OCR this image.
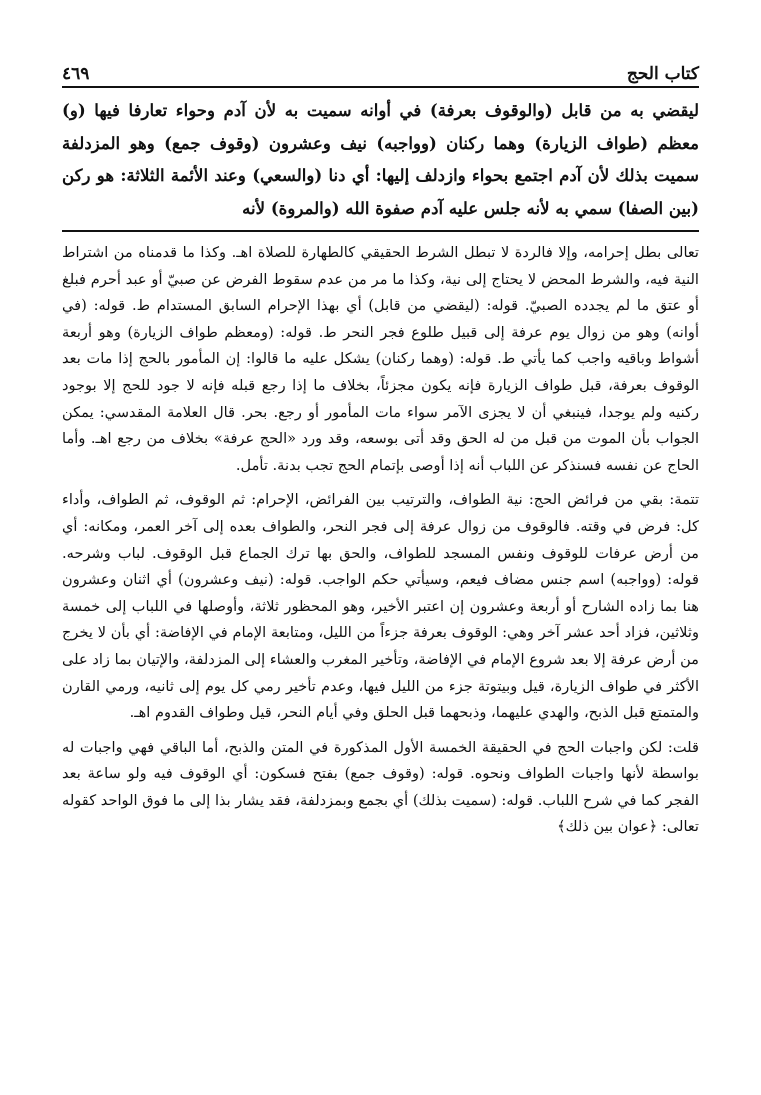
كتاب الحج
٤٦٩
ليقضي به من قابل (والوقوف بعرفة) في أوانه سميت به لأن آدم وحواء تعارفا فيها (و) معظم (طواف الزيارة) وهما ركنان (وواجبه) نيف وعشرون (وقوف جمع) وهو المزدلفة سميت بذلك لأن آدم اجتمع بحواء وازدلف إليها: أي دنا (والسعي) وعند الأئمة الثلاثة: هو ركن (بين الصفا) سمي به لأنه جلس عليه آدم صفوة الله (والمروة) لأنه

تعالى بطل إحرامه، وإلا فالردة لا تبطل الشرط الحقيقي كالطهارة للصلاة اهـ. وكذا ما قدمناه من اشتراط النية فيه، والشرط المحض لا يحتاج إلى نية، وكذا ما مر من عدم سقوط الفرض عن صبيّ أو عبد أحرم فبلغ أو عتق ما لم يجدده الصبيّ. قوله: (ليقضي من قابل) أي بهذا الإحرام السابق المستدام ط. قوله: (في أوانه) وهو من زوال يوم عرفة إلى قبيل طلوع فجر النحر ط. قوله: (ومعظم طواف الزيارة) وهو أربعة أشواط وباقيه واجب كما يأتي ط. قوله: (وهما ركنان) يشكل عليه ما قالوا: إن المأمور بالحج إذا مات بعد الوقوف بعرفة، قبل طواف الزيارة فإنه يكون مجزئاً، بخلاف ما إذا رجع قبله فإنه لا جود للحج إلا بوجود ركنيه ولم يوجدا، فينبغي أن لا يجزى الآمر سواء مات المأمور أو رجع. بحر. قال العلامة المقدسي: يمكن الجواب بأن الموت من قبل من له الحق وقد أتى بوسعه، وقد ورد «الحج عرفة» بخلاف من رجع اهـ. وأما الحاج عن نفسه فسنذكر عن اللباب أنه إذا أوصى بإتمام الحج تجب بدنة. تأمل.

تتمة: بقي من فرائض الحج: نية الطواف، والترتيب بين الفرائض، الإحرام: ثم الوقوف، ثم الطواف، وأداء كل: فرض في وقته. فالوقوف من زوال عرفة إلى فجر النحر، والطواف بعده إلى آخر العمر، ومكانه: أي من أرض عرفات للوقوف ونفس المسجد للطواف، والحق بها ترك الجماع قبل الوقوف. لباب وشرحه. قوله: (وواجبه) اسم جنس مضاف فيعم، وسيأتي حكم الواجب. قوله: (نيف وعشرون) أي اثنان وعشرون هنا بما زاده الشارح أو أربعة وعشرون إن اعتبر الأخير، وهو المحظور ثلاثة، وأوصلها في اللباب إلى خمسة وثلاثين، فزاد أحد عشر آخر وهي: الوقوف بعرفة جزءاً من الليل، ومتابعة الإمام في الإفاضة: أي بأن لا يخرج من أرض عرفة إلا بعد شروع الإمام في الإفاضة، وتأخير المغرب والعشاء إلى المزدلفة، والإتيان بما زاد على الأكثر في طواف الزيارة، قيل وبيتوتة جزء من الليل فيها، وعدم تأخير رمي كل يوم إلى ثانيه، ورمي القارن والمتمتع قبل الذبح، والهدي عليهما، وذبحهما قبل الحلق وفي أيام النحر، قيل وطواف القدوم اهـ.

قلت: لكن واجبات الحج في الحقيقة الخمسة الأول المذكورة في المتن والذبح، أما الباقي فهي واجبات له بواسطة لأنها واجبات الطواف ونحوه. قوله: (وقوف جمع) بفتح فسكون: أي الوقوف فيه ولو ساعة بعد الفجر كما في شرح اللباب. قوله: (سميت بذلك) أي بجمع وبمزدلفة، فقد يشار بذا إلى ما فوق الواحد كقوله تعالى: ﴿عوان بين ذلك﴾
